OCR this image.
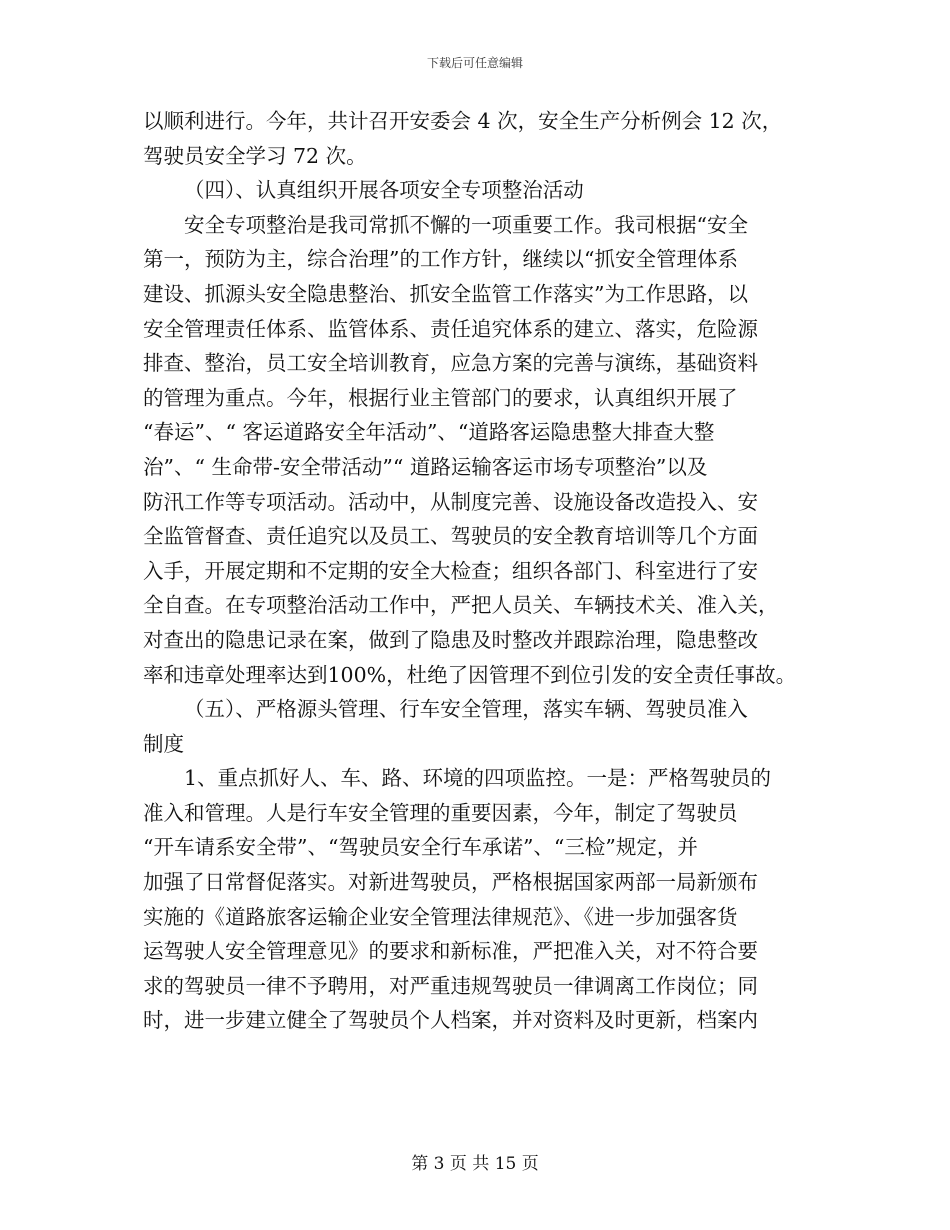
下载后可任意编辑
以顺利进行。今年，共计召开安委会 4 次，安全生产分析例会 12 次，
驾驶员安全学习 72 次。
（四）、认真组织开展各项安全专项整治活动
安全专项整治是我司常抓不懈的一项重要工作。我司根据“安全
第一，预防为主，综合治理”的工作方针，继续以“抓安全管理体系
建设、抓源头安全隐患整治、抓安全监管工作落实”为工作思路，以
安全管理责任体系、监管体系、责任追究体系的建立、落实，危险源
排查、整治，员工安全培训教育，应急方案的完善与演练，基础资料
的管理为重点。今年，根据行业主管部门的要求，认真组织开展了
“春运”、“ 客运道路安全年活动”、“道路客运隐患整大排查大整
治”、“ 生命带-安全带活动”“ 道路运输客运市场专项整治”以及
防汛工作等专项活动。活动中，从制度完善、设施设备改造投入、安
全监管督查、责任追究以及员工、驾驶员的安全教育培训等几个方面
入手，开展定期和不定期的安全大检查；组织各部门、科室进行了安
全自查。在专项整治活动工作中，严把人员关、车辆技术关、准入关，
对查出的隐患记录在案，做到了隐患及时整改并跟踪治理，隐患整改
率和违章处理率达到100%，杜绝了因管理不到位引发的安全责任事故。
（五）、严格源头管理、行车安全管理，落实车辆、驾驶员准入
制度
1、重点抓好人、车、路、环境的四项监控。一是：严格驾驶员的
准入和管理。人是行车安全管理的重要因素，今年，制定了驾驶员
“开车请系安全带”、“驾驶员安全行车承诺”、“三检”规定，并
加强了日常督促落实。对新进驾驶员，严格根据国家两部一局新颁布
实施的《道路旅客运输企业安全管理法律规范》、《进一步加强客货
运驾驶人安全管理意见》的要求和新标准，严把准入关，对不符合要
求的驾驶员一律不予聘用，对严重违规驾驶员一律调离工作岗位；同
时，进一步建立健全了驾驶员个人档案，并对资料及时更新，档案内
第 3 页 共 15 页
